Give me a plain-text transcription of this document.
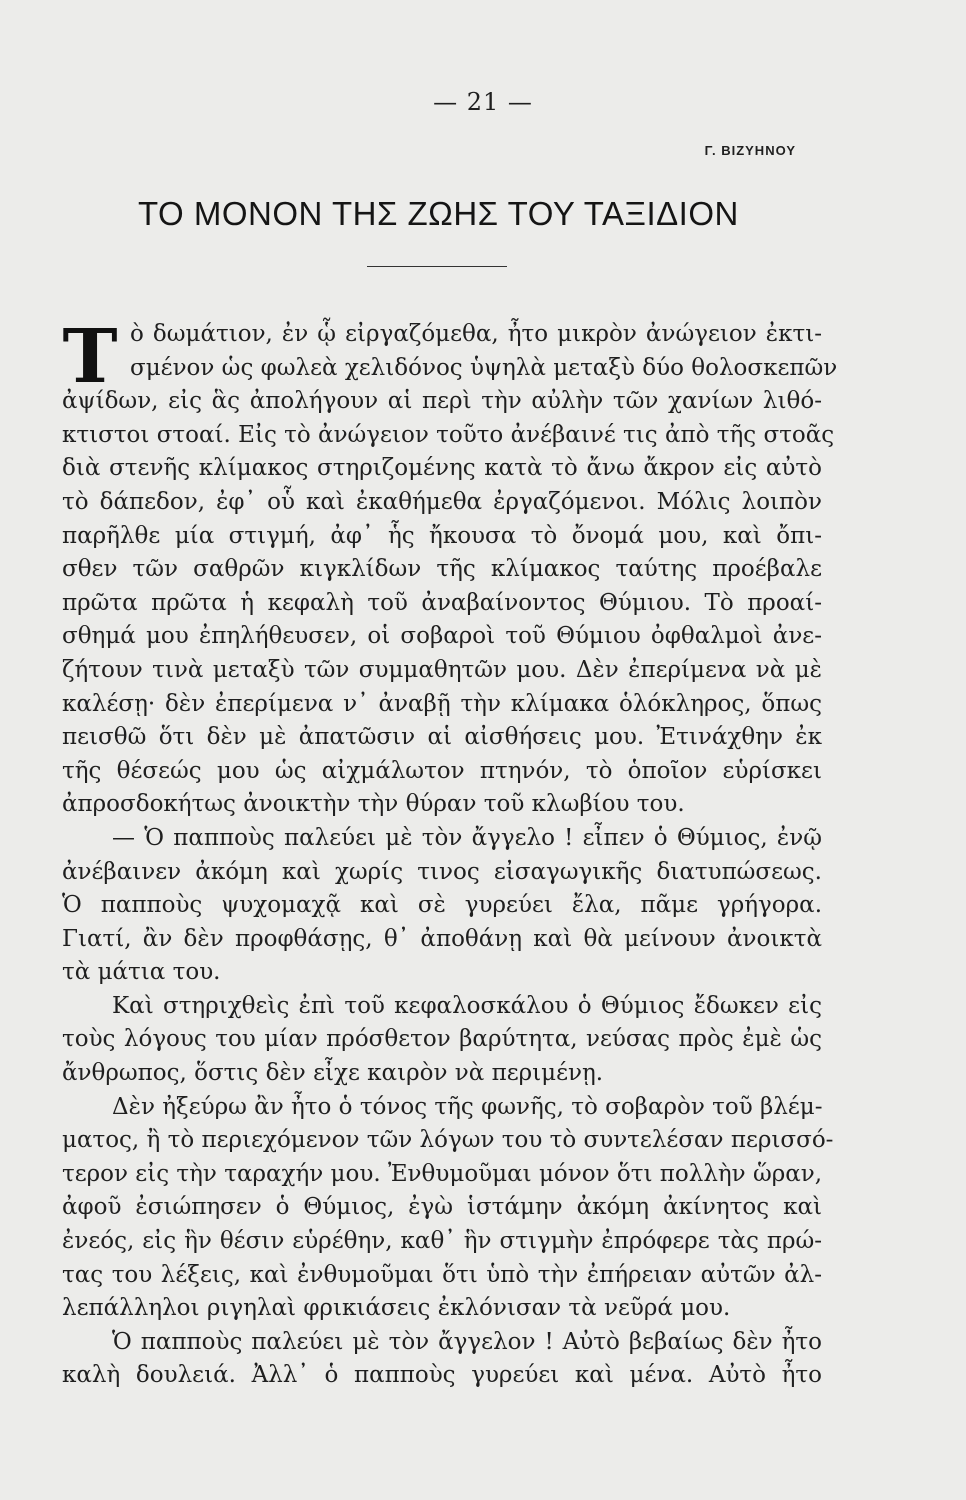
— 21 —
Γ. ΒΙΖΥΗΝΟΥ
ΤΟ ΜΟΝΟΝ ΤΗΣ ΖΩΗΣ ΤΟΥ ΤΑΞΙΔΙΟΝ
Τ ὸ δωμάτιον, ἐν ᾧ εἰργαζόμεθα, ἦτο μικρὸν ἀνώγειον ἐκτι-
σμένον ὡς φωλεὰ χελιδόνος ὑψηλὰ μεταξὺ δύο θολοσκεπῶν
ἀψίδων, εἰς ἃς ἀπολήγουν αἱ περὶ τὴν αὐλὴν τῶν χανίων λιθό-
κτιστοι στοαί. Εἰς τὸ ἀνώγειον τοῦτο ἀνέβαινέ τις ἀπὸ τῆς στοᾶς
διὰ στενῆς κλίμακος στηριζομένης κατὰ τὸ ἄνω ἄκρον εἰς αὐτὸ
τὸ δάπεδον, ἐφ᾽ οὗ καὶ ἐκαθήμεθα ἐργαζόμενοι. Μόλις λοιπὸν
παρῆλθε μία στιγμή, ἀφ᾽ ἧς ἤκουσα τὸ ὄνομά μου, καὶ ὄπι-
σθεν τῶν σαθρῶν κιγκλίδων τῆς κλίμακος ταύτης προέβαλε
πρῶτα πρῶτα ἡ κεφαλὴ τοῦ ἀναβαίνοντος Θύμιου. Τὸ προαί-
σθημά μου ἐπηλήθευσεν, οἱ σοβαροὶ τοῦ Θύμιου ὀφθαλμοὶ ἀνε-
ζήτουν τινὰ μεταξὺ τῶν συμμαθητῶν μου. Δὲν ἐπερίμενα νὰ μὲ
καλέσῃ· δὲν ἐπερίμενα ν᾽ ἀναβῇ τὴν κλίμακα ὁλόκληρος, ὅπως
πεισθῶ ὅτι δὲν μὲ ἀπατῶσιν αἱ αἰσθήσεις μου. Ἐτινάχθην ἐκ
τῆς θέσεώς μου ὡς αἰχμάλωτον πτηνόν, τὸ ὁποῖον εὑρίσκει
ἀπροσδοκήτως ἀνοικτὴν τὴν θύραν τοῦ κλωβίου του.
— Ὁ παπποὺς παλεύει μὲ τὸν ἄγγελο ! εἶπεν ὁ Θύμιος, ἐνῷ
ἀνέβαινεν ἀκόμη καὶ χωρίς τινος εἰσαγωγικῆς διατυπώσεως.
Ὁ παπποὺς ψυχομαχᾷ καὶ σὲ γυρεύει ἔλα, πᾶμε γρήγορα.
Γιατί, ἂν δὲν προφθάσῃς, θ᾽ ἀποθάνῃ καὶ θὰ μείνουν ἀνοικτὰ
τὰ μάτια του.
Καὶ στηριχθεὶς ἐπὶ τοῦ κεφαλοσκάλου ὁ Θύμιος ἔδωκεν εἰς
τοὺς λόγους του μίαν πρόσθετον βαρύτητα, νεύσας πρὸς ἐμὲ ὡς
ἄνθρωπος, ὅστις δὲν εἶχε καιρὸν νὰ περιμένῃ.
Δὲν ἠξεύρω ἂν ἦτο ὁ τόνος τῆς φωνῆς, τὸ σοβαρὸν τοῦ βλέμ-
ματος, ἢ τὸ περιεχόμενον τῶν λόγων του τὸ συντελέσαν περισσό-
τερον εἰς τὴν ταραχήν μου. Ἐνθυμοῦμαι μόνον ὅτι πολλὴν ὥραν,
ἀφοῦ ἐσιώπησεν ὁ Θύμιος, ἐγὼ ἱστάμην ἀκόμη ἀκίνητος καὶ
ἐνεός, εἰς ἣν θέσιν εὑρέθην, καθ᾽ ἣν στιγμὴν ἐπρόφερε τὰς πρώ-
τας του λέξεις, καὶ ἐνθυμοῦμαι ὅτι ὑπὸ τὴν ἐπήρειαν αὐτῶν ἀλ-
λεπάλληλοι ριγηλαὶ φρικιάσεις ἐκλόνισαν τὰ νεῦρά μου.
Ὁ παπποὺς παλεύει μὲ τὸν ἄγγελον ! Αὐτὸ βεβαίως δὲν ἦτο
καλὴ δουλειά. Ἀλλ᾽ ὁ παπποὺς γυρεύει καὶ μένα. Αὐτὸ ἦτο
